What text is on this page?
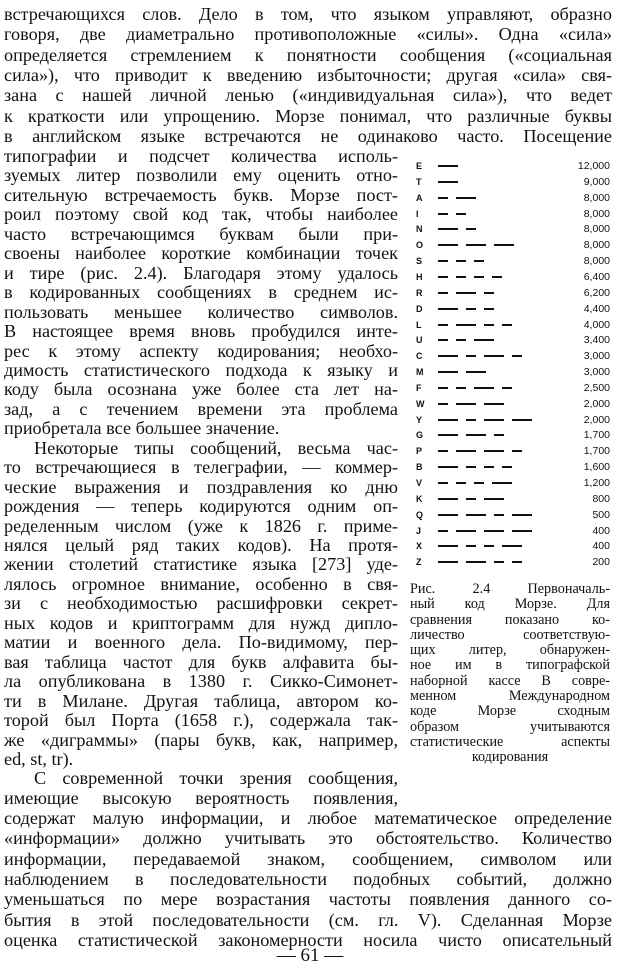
встречающихся слов. Дело в том, что языком управляют, образно
говоря, две диаметрально противоположные «силы». Одна «сила»
определяется стремлением к понятности сообщения («социальная
сила»), что приводит к введению избыточности; другая «сила» свя-
зана с нашей личной ленью («индивидуальная сила»), что ведет
к краткости или упрощению. Морзе понимал, что различные буквы
в английском языке встречаются не одинаково часто. Посещение
типографии и подсчет количества исполь-
зуемых литер позволили ему оценить отно-
сительную встречаемость букв. Морзе пост-
роил поэтому свой код так, чтобы наиболее
часто встречающимся буквам были при-
своены наиболее короткие комбинации точек
и тире (рис. 2.4). Благодаря этому удалось
в кодированных сообщениях в среднем ис-
пользовать меньшее количество символов.
В настоящее время вновь пробудился интe-
рес к этому аспекту кодирования; необхо-
димость статистического подхода к языку и
коду была осознана уже более ста лет на-
зад, а с течением времени эта проблема
приобретала все большее значение.
Некоторые типы сообщений, весьма час-
то встречающиеся в телеграфии, — коммер-
ческие выражения и поздравления ко дню
рождения — теперь кодируются одним оп-
ределенным числом (уже к 1826 г. приме-
нялся целый ряд таких кодов). На протя-
жении столетий статистике языка [273] уде-
лялось огромное внимание, особенно в свя-
зи с необходимостью расшифровки секрет-
ных кодов и криптограмм для нужд дипло-
матии и военного дела. По-видимому, пер-
вая таблица частот для букв алфавита бы-
ла опубликована в 1380 г. Сикко-Симонет-
ти в Милане. Другая таблица, автором ко-
торой был Порта (1658 г.), содержала так-
же «диграммы» (пары букв, как, например,
ed, st, tr).
С современной точки зрения сообщения,
имеющие высокую вероятность появления,
E	12,000
T	9,000
A	8,000
I	8,000
N	8,000
O	8,000
S	8,000
H	6,400
R	6,200
D	4,400
L	4,000
U	3,400
C	3,000
M	3,000
F	2,500
W	2,000
Y	2,000
G	1,700
P	1,700
B	1,600
V	1,200
K	800
Q	500
J	400
X	400
Z	200
Рис. 2.4 Первоначаль-
ный код Морзе. Для
сравнения показано ко-
личество соответствую-
щих литер, обнаружен-
ное им в типографской
наборной кассе В совре-
менном Международном
коде Морзе сходным
образом учитываются
статистические аспекты
кодирования
содержат малую информации, и любое математическое определение
«информации» должно учитывать это обстоятельство. Количество
информации, передаваемой знаком, сообщением, символом или
наблюдением в последовательности подобных событий, должно
уменьшаться по мере возрастания частоты появления данного со-
бытия в этой последовательности (см. гл. V). Сделанная Морзе
оценка статистической закономерности носила чисто описательный
— 61 —
